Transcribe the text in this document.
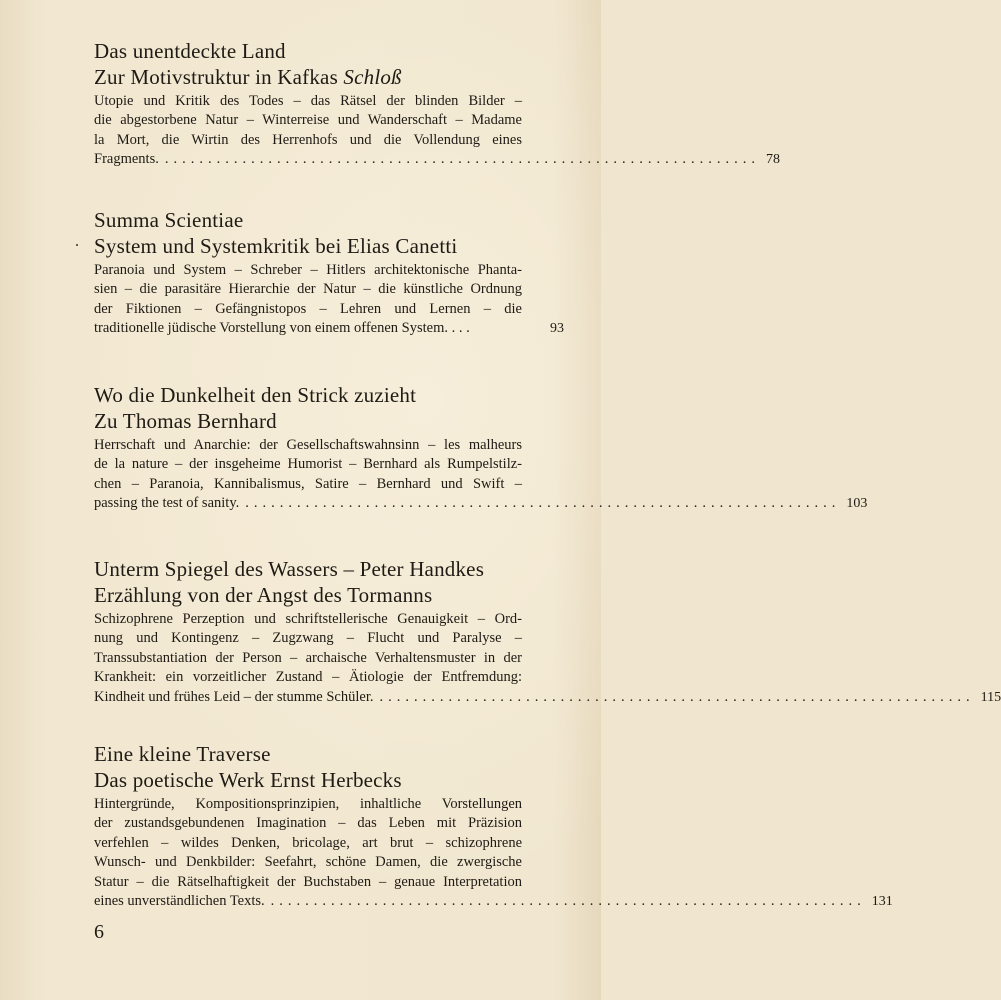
Das unentdeckte Land
Zur Motivstruktur in Kafkas Schloß
Utopie und Kritik des Todes – das Rätsel der blinden Bilder –
die abgestorbene Natur – Winterreise und Wanderschaft – Madame
la Mort, die Wirtin des Herrenhofs und die Vollendung eines
Fragments. ..................................................................... 78
Summa Scientiae
System und Systemkritik bei Elias Canetti
Paranoia und System – Schreber – Hitlers architektonische Phanta-
sien – die parasitäre Hierarchie der Natur – die künstliche Ordnung
der Fiktionen – Gefängnistopos – Lehren und Lernen – die
traditionelle jüdische Vorstellung von einem offenen System. . . .	93
Wo die Dunkelheit den Strick zuzieht
Zu Thomas Bernhard
Herrschaft und Anarchie: der Gesellschaftswahnsinn – les malheurs
de la nature – der insgeheime Humorist – Bernhard als Rumpelstilz-
chen – Paranoia, Kannibalismus, Satire – Bernhard und Swift –
passing the test of sanity. ..................................................................... 103
Unterm Spiegel des Wassers – Peter Handkes
Erzählung von der Angst des Tormanns
Schizophrene Perzeption und schriftstellerische Genauigkeit – Ord-
nung und Kontingenz – Zugzwang – Flucht und Paralyse –
Transsubstantiation der Person – archaische Verhaltensmuster in der
Krankheit: ein vorzeitlicher Zustand – Ätiologie der Entfremdung:
Kindheit und frühes Leid – der stumme Schüler. ..................................................................... 115
Eine kleine Traverse
Das poetische Werk Ernst Herbecks
Hintergründe, Kompositionsprinzipien, inhaltliche Vorstellungen
der zustandsgebundenen Imagination – das Leben mit Präzision
verfehlen – wildes Denken, bricolage, art brut – schizophrene
Wunsch- und Denkbilder: Seefahrt, schöne Damen, die zwergische
Statur – die Rätselhaftigkeit der Buchstaben – genaue Interpretation
eines unverständlichen Texts. ..................................................................... 131
6
